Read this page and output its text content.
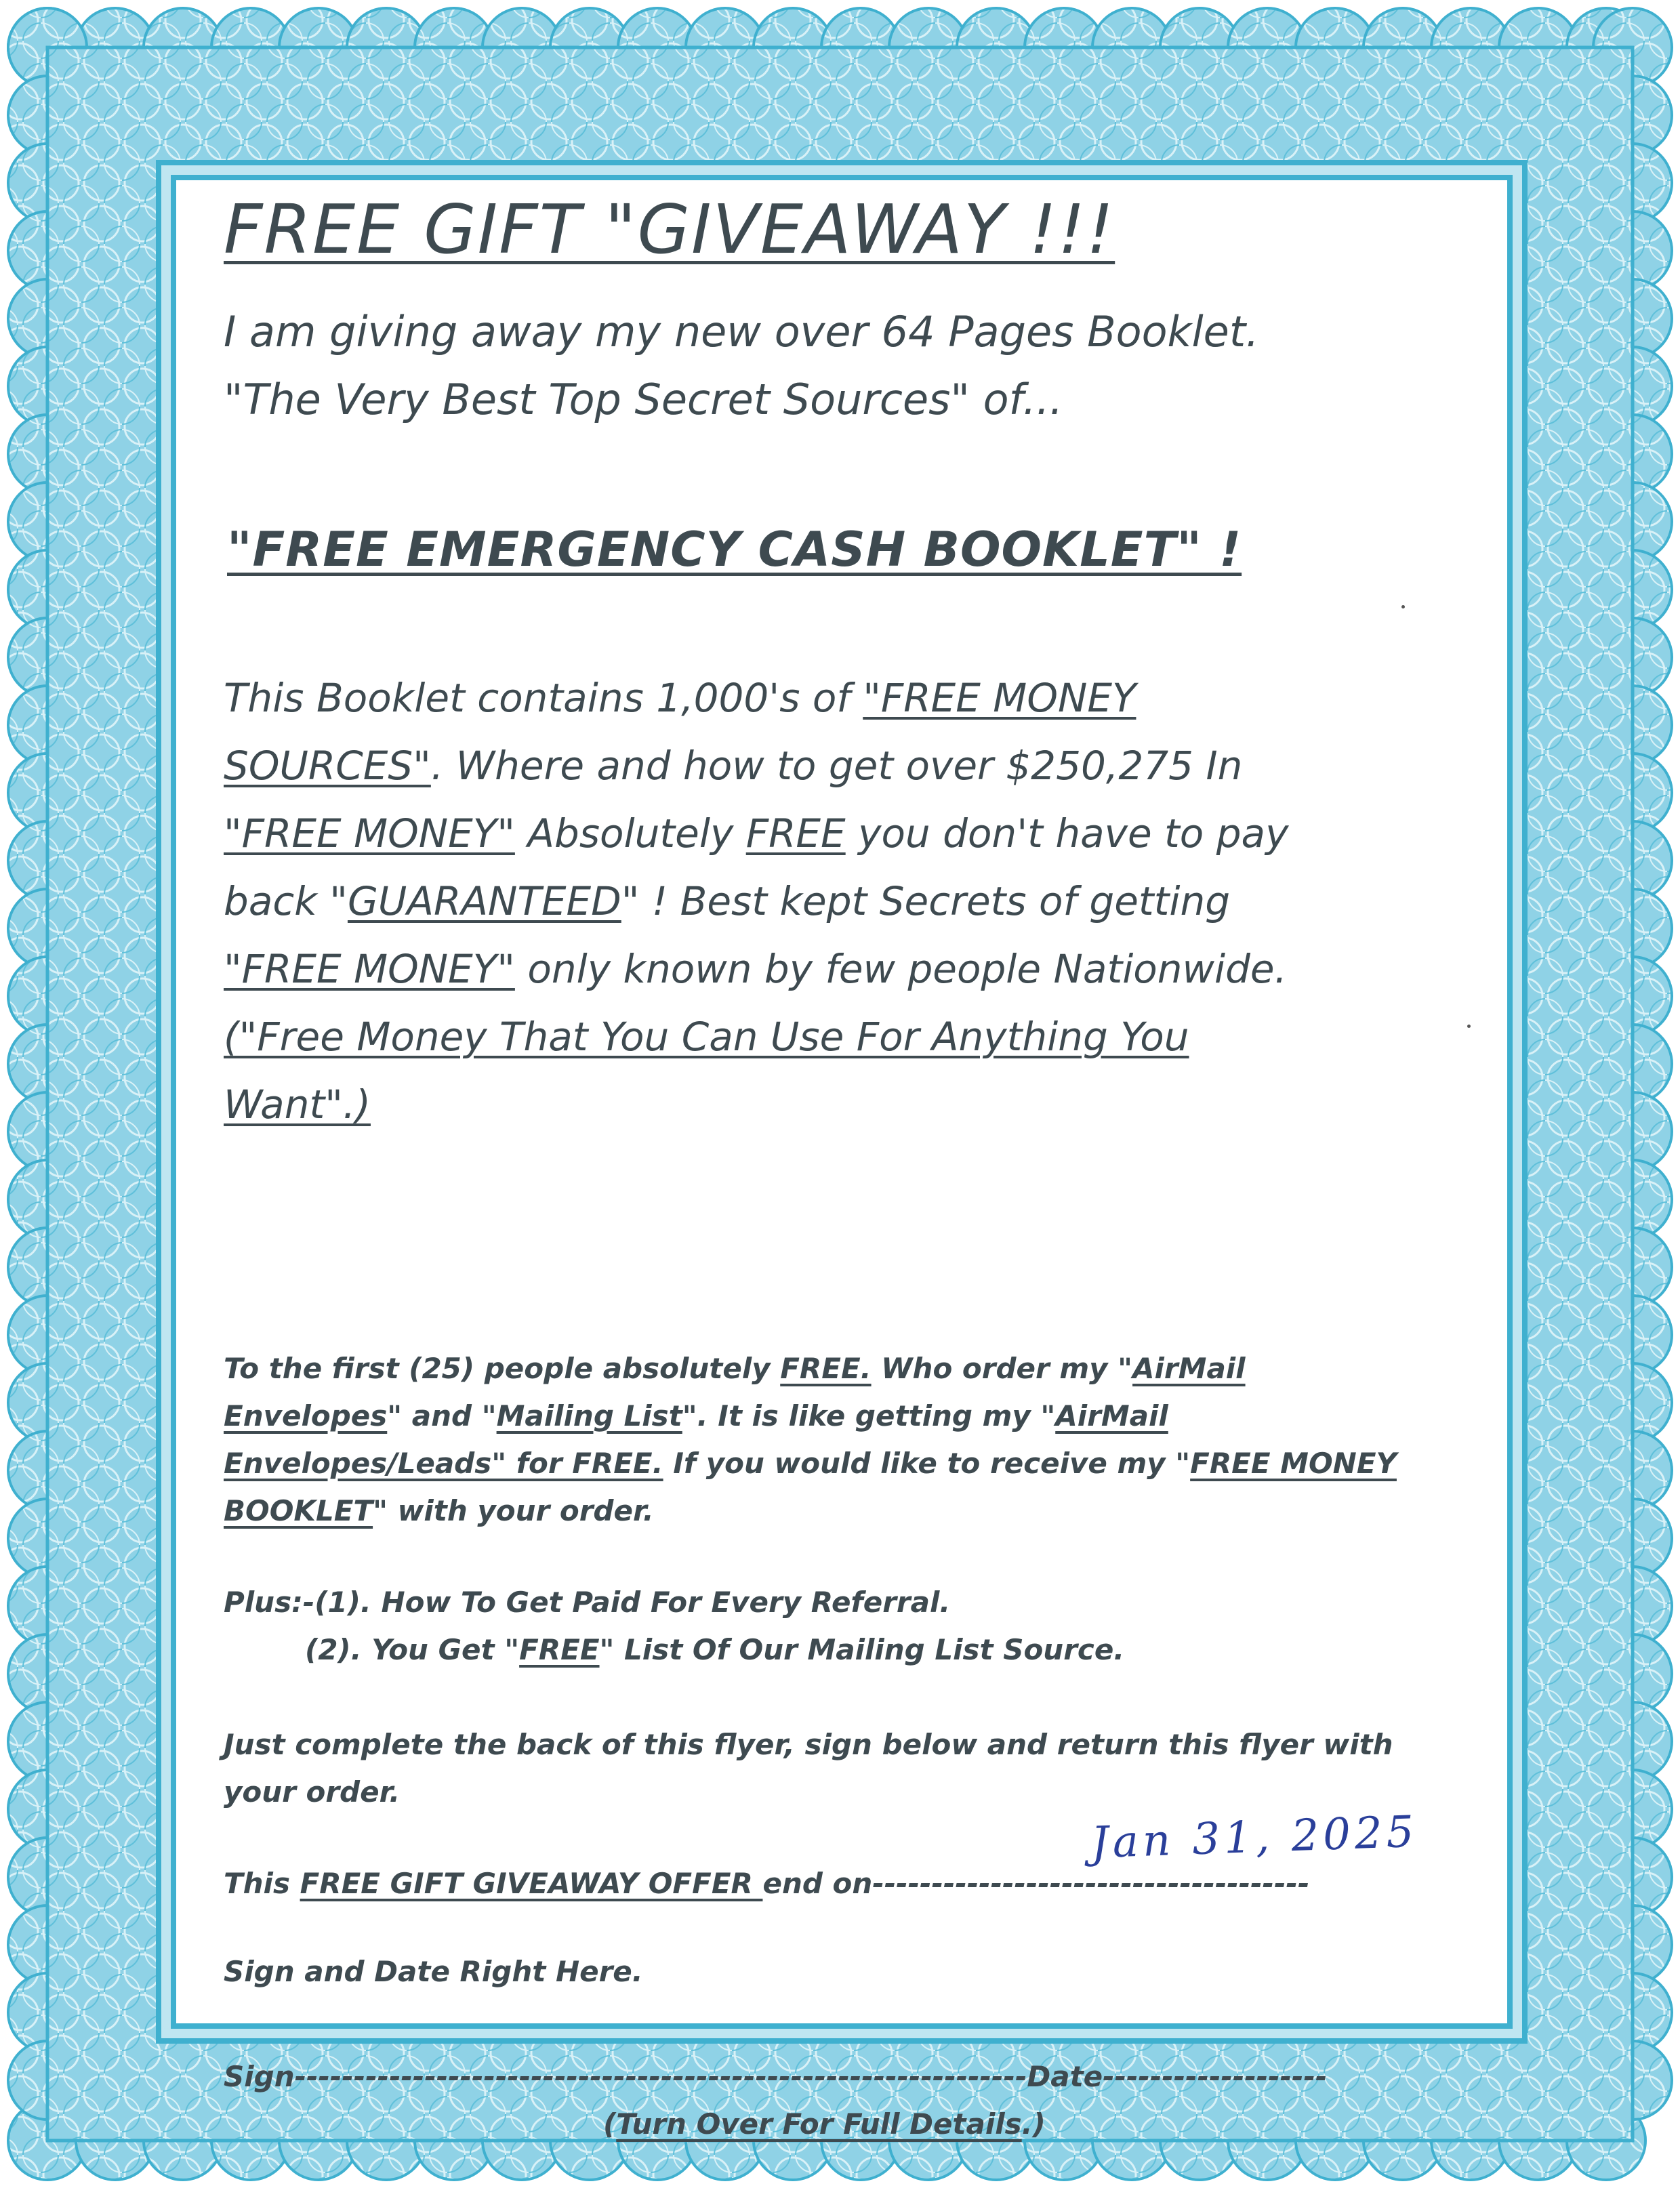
FREE GIFT "GIVEAWAY !!!
I am giving away my new over 64 Pages Booklet.
"The Very Best Top Secret Sources" of...
"FREE EMERGENCY CASH BOOKLET" !
This Booklet contains 1,000's of "FREE MONEY
SOURCES". Where and how to get over $250,275 In
"FREE MONEY" Absolutely FREE you don't have to pay
back "GUARANTEED" ! Best kept Secrets of getting
"FREE MONEY" only known by few people Nationwide.
("Free Money That You Can Use For Anything You
Want".)
To the first (25) people absolutely FREE. Who order my "AirMail
Envelopes" and "Mailing List". It is like getting my "AirMail
Envelopes/Leads" for FREE. If you would like to receive my "FREE MONEY
BOOKLET" with your order.
Plus:-(1). How To Get Paid For Every Referral.
(2). You Get "FREE" List Of Our Mailing List Source.
Just complete the back of this flyer, sign below and return this flyer with
your order.
Jan 31, 2025
This FREE GIFT GIVEAWAY OFFER end on-------------------------------------
Sign and Date Right Here.
Sign--------------------------------------------------------------Date-------------------
(Turn Over For Full Details.)
